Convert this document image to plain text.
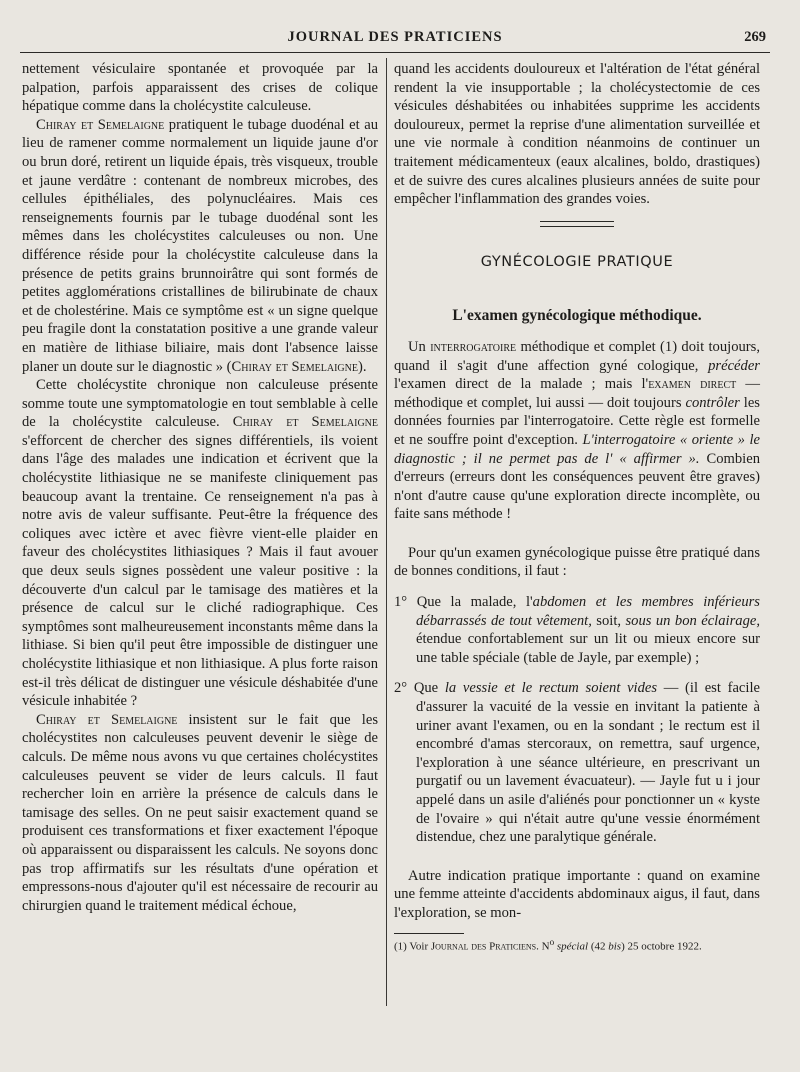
JOURNAL DES PRATICIENS	269

nettement vésiculaire spontanée et provoquée par la palpation, parfois apparaissent des crises de colique hépatique comme dans la cholécystite calculeuse.

Chiray et Semelaigne pratiquent le tubage duodénal et au lieu de ramener comme normalement un liquide jaune d'or ou brun doré, retirent un liquide épais, très visqueux, trouble et jaune verdâtre : contenant de nombreux microbes, des cellules épithéliales, des polynucléaires. Mais ces renseignements fournis par le tubage duodénal sont les mêmes dans les cholécystites calculeuses ou non. Une différence réside pour la cholécystite calculeuse dans la présence de petits grains brunnoirâtre qui sont formés de petites agglomérations cristallines de bilirubinate de chaux et de cholestérine. Mais ce symptôme est « un signe quelque peu fragile dont la constatation positive a une grande valeur en matière de lithiase biliaire, mais dont l'absence laisse planer un doute sur le diagnostic » (Chiray et Semelaigne).

Cette cholécystite chronique non calculeuse présente somme toute une symptomatologie en tout semblable à celle de la cholécystite calculeuse. Chiray et Semelaigne s'efforcent de chercher des signes différentiels, ils voient dans l'âge des malades une indication et écrivent que la cholécystite lithiasique ne se manifeste cliniquement pas beaucoup avant la trentaine. Ce renseignement n'a pas à notre avis de valeur suffisante. Peut-être la fréquence des coliques avec ictère et avec fièvre vient-elle plaider en faveur des cholécystites lithiasiques ? Mais il faut avouer que deux seuls signes possèdent une valeur positive : la découverte d'un calcul par le tamisage des matières et la présence de calcul sur le cliché radiographique. Ces symptômes sont malheureusement inconstants même dans la lithiase. Si bien qu'il peut être impossible de distinguer une cholécystite lithiasique et non lithiasique. A plus forte raison est-il très délicat de distinguer une vésicule déshabitée d'une vésicule inhabitée ?

Chiray et Semelaigne insistent sur le fait que les cholécystites non calculeuses peuvent devenir le siège de calculs. De même nous avons vu que certaines cholécystites calculeuses peuvent se vider de leurs calculs. Il faut rechercher loin en arrière la présence de calculs dans le tamisage des selles. On ne peut saisir exactement quand se produisent ces transformations et fixer exactement l'époque où apparaissent ou disparaissent les calculs. Ne soyons donc pas trop affirmatifs sur les résultats d'une opération et empressons-nous d'ajouter qu'il est nécessaire de recourir au chirurgien quand le traitement médical échoue,

quand les accidents douloureux et l'altération de l'état général rendent la vie insupportable ; la cholécystectomie de ces vésicules déshabitées ou inhabitées supprime les accidents douloureux, permet la reprise d'une alimentation surveillée et une vie normale à condition néanmoins de continuer un traitement médicamenteux (eaux alcalines, boldo, drastiques) et de suivre des cures alcalines plusieurs années de suite pour empêcher l'inflammation des grandes voies.

GYNÉCOLOGIE PRATIQUE
L'examen gynécologique méthodique.

Un interrogatoire méthodique et complet (1) doit toujours, quand il s'agit d'une affection gyné cologique, précéder l'examen direct de la malade ; mais l'examen direct — méthodique et complet, lui aussi — doit toujours contrôler les données fournies par l'interrogatoire. Cette règle est formelle et ne souffre point d'exception. L'interrogatoire « oriente » le diagnostic ; il ne permet pas de l' « affirmer ». Combien d'erreurs (erreurs dont les conséquences peuvent être graves) n'ont d'autre cause qu'une exploration directe incomplète, ou faite sans méthode !

Pour qu'un examen gynécologique puisse être pratiqué dans de bonnes conditions, il faut :

1° Que la malade, l'abdomen et les membres inférieurs débarrassés de tout vêtement, soit, sous un bon éclairage, étendue confortablement sur un lit ou mieux encore sur une table spéciale (table de Jayle, par exemple) ;

2° Que la vessie et le rectum soient vides — (il est facile d'assurer la vacuité de la vessie en invitant la patiente à uriner avant l'examen, ou en la sondant ; le rectum est il encombré d'amas stercoraux, on remettra, sauf urgence, l'exploration à une séance ultérieure, en prescrivant un purgatif ou un lavement évacuateur). — Jayle fut u i jour appelé dans un asile d'aliénés pour ponctionner un « kyste de l'ovaire » qui n'était autre qu'une vessie énormément distendue, chez une paralytique générale.

Autre indication pratique importante : quand on examine une femme atteinte d'accidents abdominaux aigus, il faut, dans l'exploration, se mon-

(1) Voir Journal des Praticiens. $N^o$ spécial (42 bis) 25 octobre 1922.
